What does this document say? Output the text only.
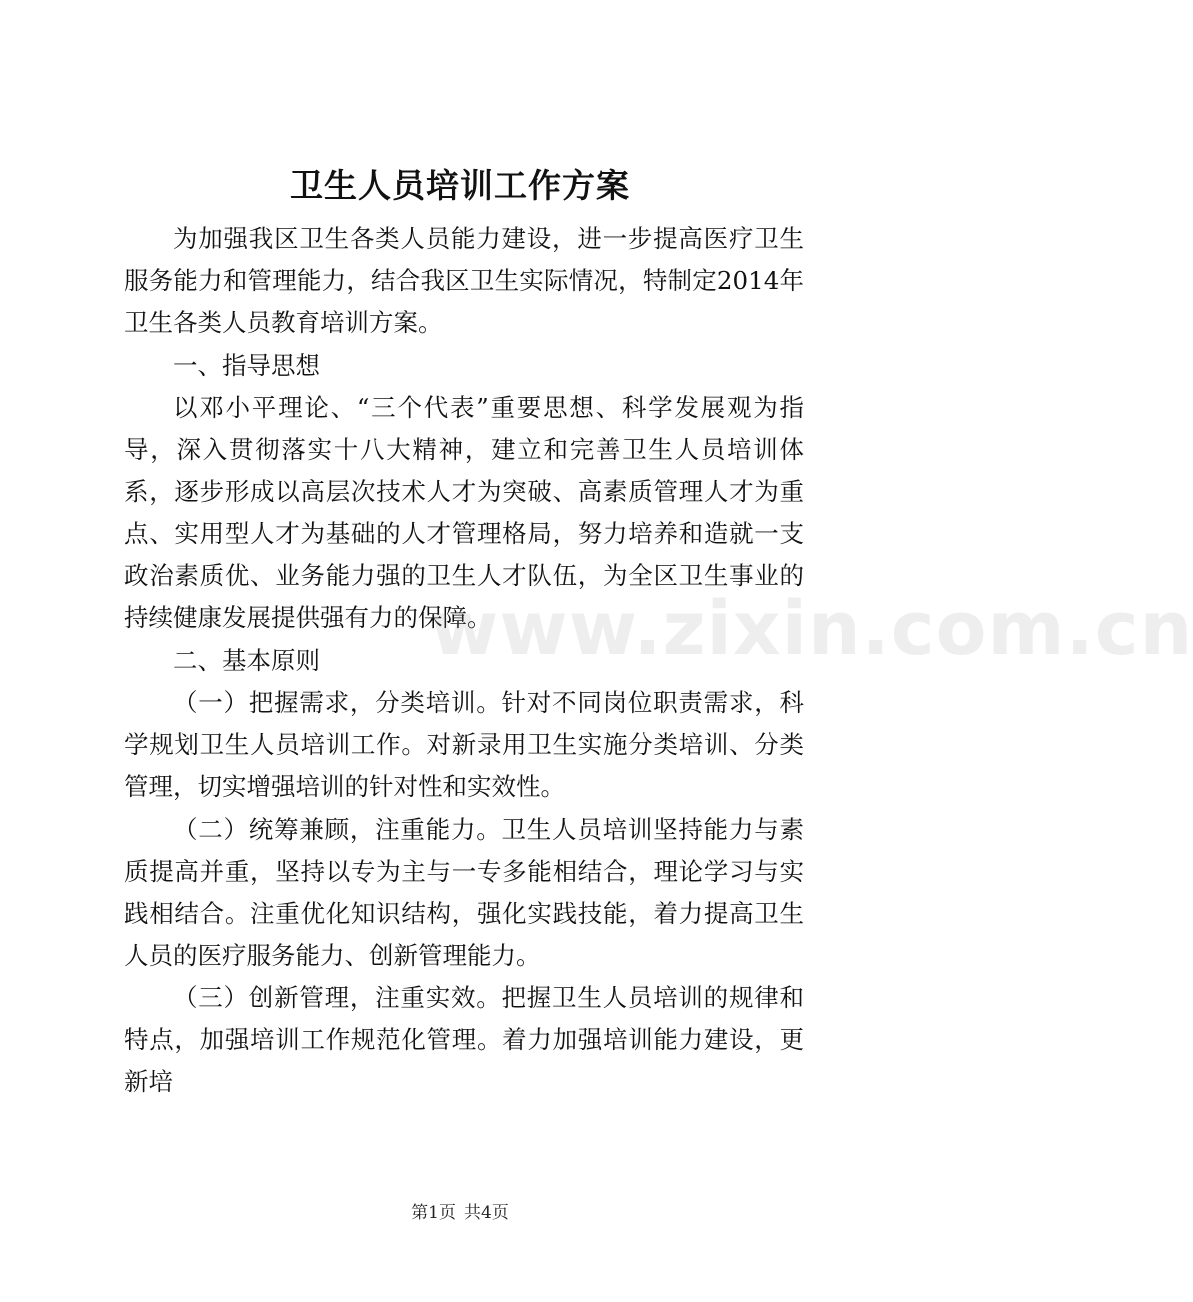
卫生人员培训工作方案

为加强我区卫生各类人员能力建设，进一步提高医疗卫生服务能力和管理能力，结合我区卫生实际情况，特制定2014年卫生各类人员教育培训方案。

一、指导思想

以邓小平理论、“三个代表”重要思想、科学发展观为指导，深入贯彻落实十八大精神，建立和完善卫生人员培训体系，逐步形成以高层次技术人才为突破、高素质管理人才为重点、实用型人才为基础的人才管理格局，努力培养和造就一支政治素质优、业务能力强的卫生人才队伍，为全区卫生事业的持续健康发展提供强有力的保障。

二、基本原则

（一）把握需求，分类培训。针对不同岗位职责需求，科学规划卫生人员培训工作。对新录用卫生实施分类培训、分类管理，切实增强培训的针对性和实效性。

（二）统筹兼顾，注重能力。卫生人员培训坚持能力与素质提高并重，坚持以专为主与一专多能相结合，理论学习与实践相结合。注重优化知识结构，强化实践技能，着力提高卫生人员的医疗服务能力、创新管理能力。

（三）创新管理，注重实效。把握卫生人员培训的规律和特点，加强培训工作规范化管理。着力加强培训能力建设，更新培

www.zixin.com.cn
第1页 共4页
